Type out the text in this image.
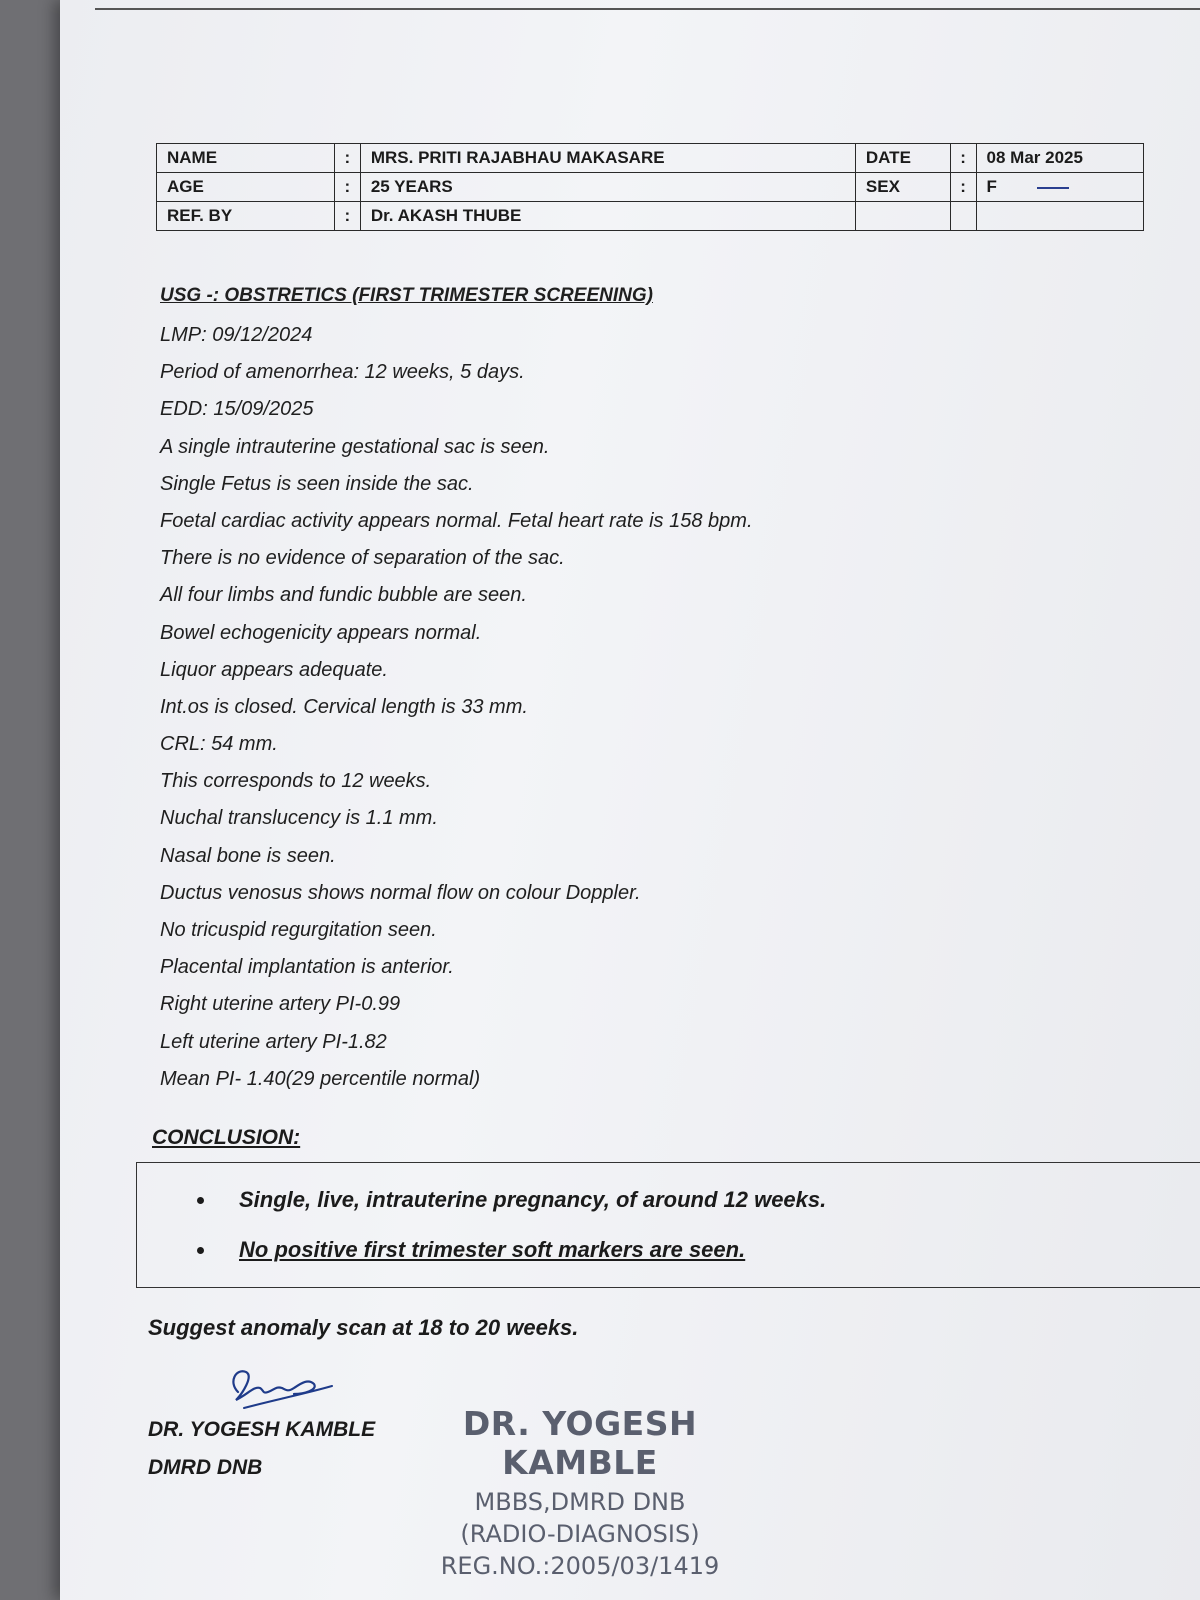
NAME	:	MRS. PRITI RAJABHAU MAKASARE	DATE	:	08 Mar 2025
AGE	:	25 YEARS	SEX	:	F
REF. BY	:	Dr. AKASH THUBE			
USG -: OBSTRETICS (FIRST TRIMESTER SCREENING)
LMP: 09/12/2024
Period of amenorrhea: 12 weeks, 5 days.
EDD: 15/09/2025
A single intrauterine gestational sac is seen.
Single Fetus is seen inside the sac.
Foetal cardiac activity appears normal. Fetal heart rate is 158 bpm.
There is no evidence of separation of the sac.
All four limbs and fundic bubble are seen.
Bowel echogenicity appears normal.
Liquor appears adequate.
Int.os is closed. Cervical length is 33 mm.
CRL: 54 mm.
This corresponds to 12 weeks.
Nuchal translucency is 1.1 mm.
Nasal bone is seen.
Ductus venosus shows normal flow on colour Doppler.
No tricuspid regurgitation seen.
Placental implantation is anterior.
Right uterine artery PI-0.99
Left uterine artery PI-1.82
Mean PI- 1.40(29 percentile normal)
CONCLUSION:
• Single, live, intrauterine pregnancy, of around 12 weeks.
• No positive first trimester soft markers are seen.
Suggest anomaly scan at 18 to 20 weeks.
DR. YOGESH KAMBLE
DMRD DNB
DR. YOGESH KAMBLE
MBBS,DMRD DNB
(RADIO-DIAGNOSIS)
REG.NO.:2005/03/1419
